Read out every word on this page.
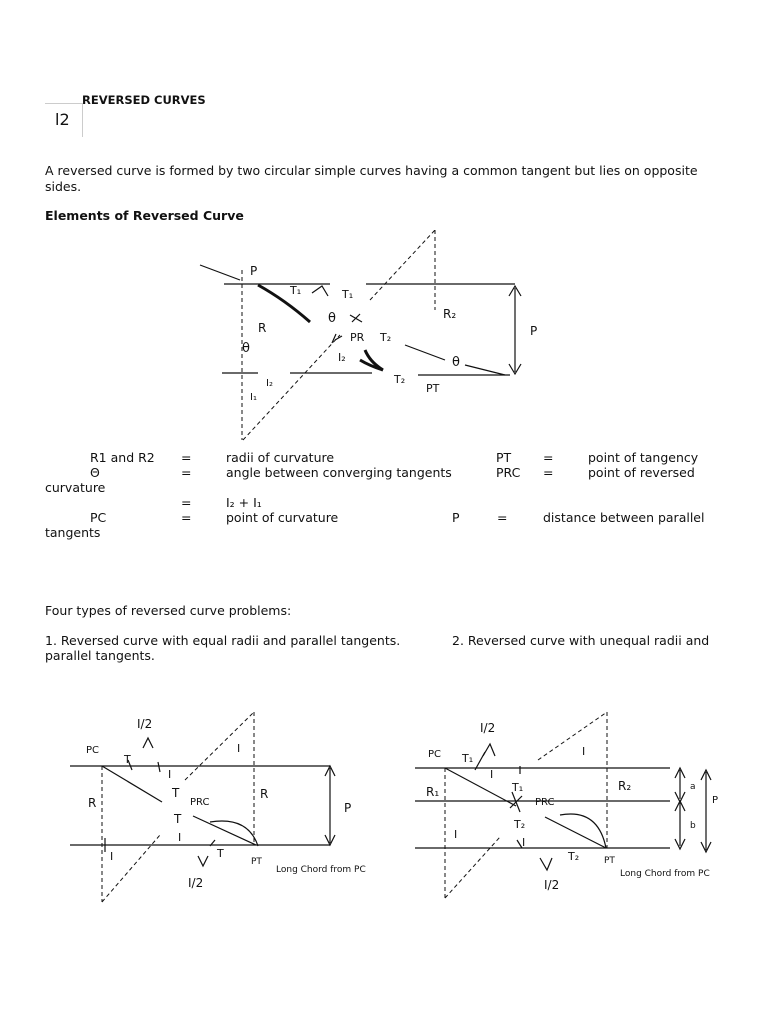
REVERSED CURVES
l2
A reversed curve is formed by two circular simple curves having a common tangent but lies on opposite sides.
Elements of Reversed Curve
P
T₁	T₁
θ
R
R₂
P
PR T₂
θ
I₂	θ
I₂
I₁
T₂
PT
R1 and R2 =	radii of curvature	PT	=	point of tangency
Θ	=	angle between converging tangents	PRC =	point of reversed
curvature
=	I₂ + I₁
PC	=	point of curvature	P	=	distance between parallel
tangents
Four types of reversed curve problems:
1. Reversed curve with equal radii and parallel tangents.	2. Reversed curve with unequal radii and
parallel tangents.
I/2
PC
T
I
I
R
T
PRC
R
P
T
I
I	T
PT
I/2
Long Chord from PC
I/2
PC T₁
I
I
T₁
R₁
PRC
R₂	a
P
T₂	b
I
I
T₂	PT
I/2
Long Chord from PC
